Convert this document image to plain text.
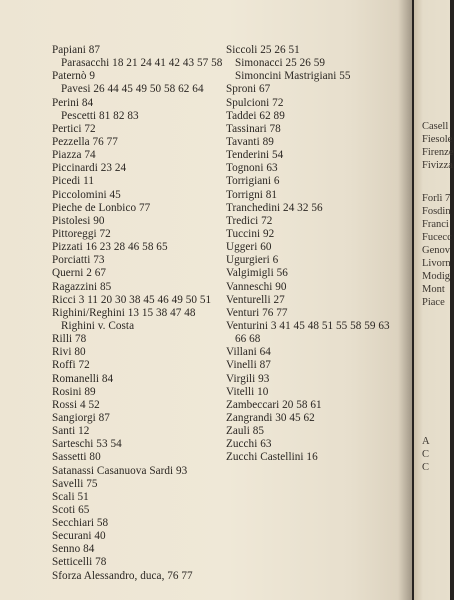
Papiani 87
Parasacchi 18 21 24 41 42 43 57 58
Paternò 9
Pavesi 26 44 45 49 50 58 62 64
Perini 84
Pescetti 81 82 83
Pertici 72
Pezzella 76 77
Piazza 74
Piccinardi 23 24
Picedi 11
Piccolomini 45
Pieche de Lonbico 77
Pistolesi 90
Pittoreggi 72
Pizzati 16 23 28 46 58 65
Porciatti 73
Querni 2 67
Ragazzini 85
Ricci 3 11 20 30 38 45 46 49 50 51
Righini/Reghini 13 15 38 47 48
Righini v. Costa
Rilli 78
Rivi 80
Roffi 72
Romanelli 84
Rosini 89
Rossi 4 52
Sangiorgi 87
Santi 12
Sarteschi 53 54
Sassetti 80
Satanassi Casanuova Sardi 93
Savelli 75
Scali 51
Scoti 65
Secchiari 58
Securani 40
Senno 84
Setticelli 78
Sforza Alessandro, duca, 76 77
Siccoli 25 26 51
Simonacci 25 26 59
Simoncini Mastrigiani 55
Sproni 67
Spulcioni 72
Taddei 62 89
Tassinari 78
Tavanti 89
Tenderini 54
Tognoni 63
Torrigiani 6
Torrigni 81
Tranchedini 24 32 56
Tredici 72
Tuccini 92
Uggeri 60
Ugurgieri 6
Valgimigli 56
Vanneschi 90
Venturelli 27
Venturi 76 77
Venturini 3 41 45 48 51 55 58 59 63
66 68
Villani 64
Vinelli 87
Virgili 93
Vitelli 10
Zambeccari 20 58 61
Zangrandi 30 45 62
Zauli 85
Zucchi 63
Zucchi Castellini 16
Casell
Fiesole
Firenze
Fivizza
Forlì 7
Fosdin
Franci
Fucecc
Genov
Livorn
Modig
Mont
Piace
A
C
C
